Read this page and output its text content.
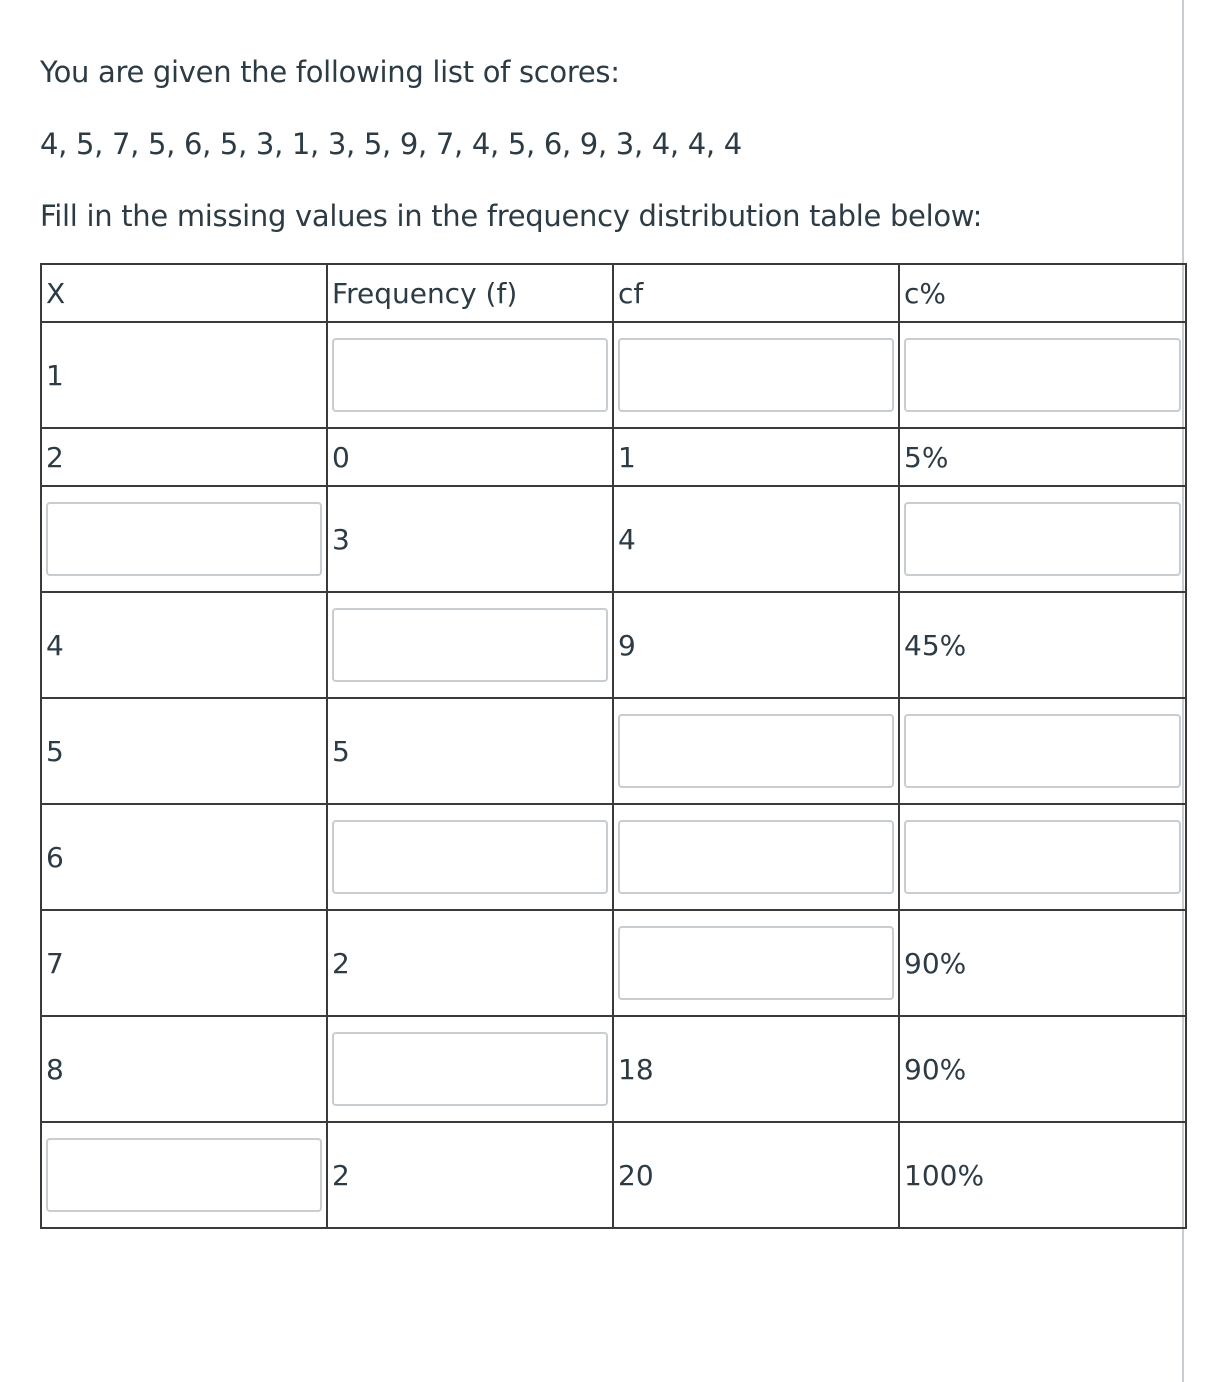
You are given the following list of scores:

4, 5, 7, 5, 6, 5, 3, 1, 3, 5, 9, 7, 4, 5, 6, 9, 3, 4, 4, 4

Fill in the missing values in the frequency distribution table below:

X	Frequency (f)	cf	c%
1	

2	0	1	5%

	3	4	

4		9	45%
5	5	

6	

7	2		90%
8		18	90%

	2	20	100%
